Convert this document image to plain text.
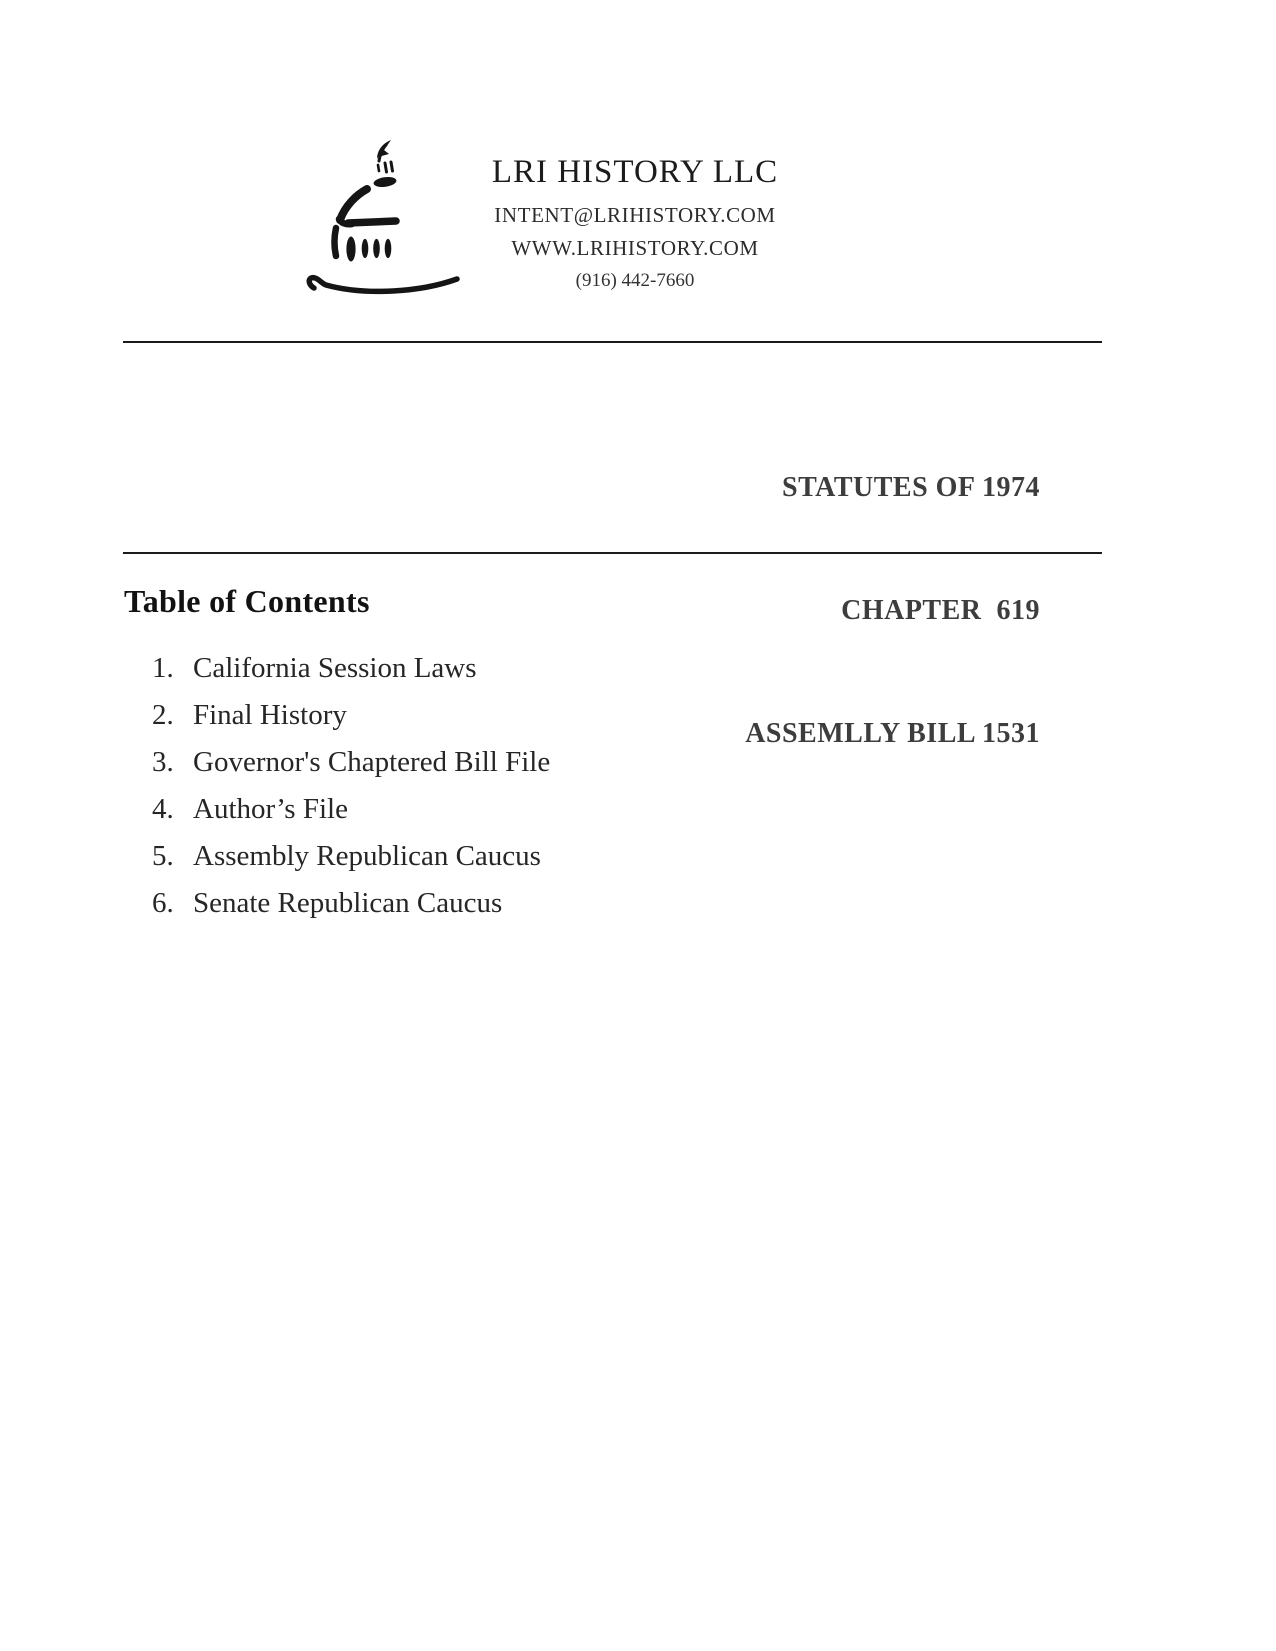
LRI HISTORY LLC
INTENT@LRIHISTORY.COM
WWW.LRIHISTORY.COM
(916) 442-7660

STATUTES OF 1974

CHAPTER  619

ASSEMLLY BILL 1531

Table of Contents
1. California Session Laws
2. Final History
3. Governor's Chaptered Bill File
4. Author’s File
5. Assembly Republican Caucus
6. Senate Republican Caucus
